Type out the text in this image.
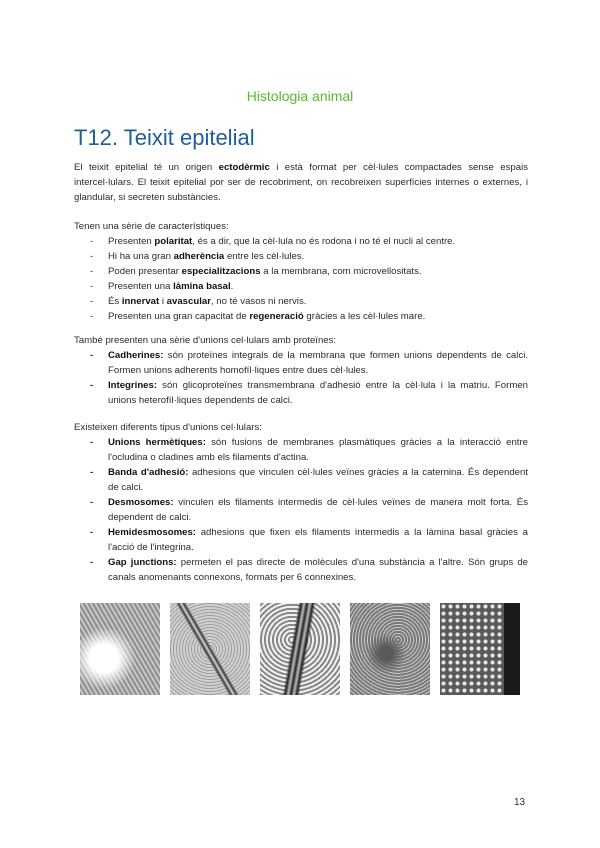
Histologia animal
T12. Teixit epitelial

El teixit epitelial té un origen ectodèrmic i està format per cèl·lules compactades sense espais intercel·lulars. El teixit epitelial por ser de recobriment, on recobreixen superfícies internes o externes, i glandular, si secreten substàncies.

Tenen una sèrie de característiques:

- Presenten polaritat, és a dir, que la cèl·lula no és rodona i no té el nucli al centre.
- Hi ha una gran adherència entre les cèl·lules.
- Poden presentar especialitzacions a la membrana, com microvellositats.
- Presenten una làmina basal.
- És innervat i avascular, no té vasos ni nervis.
- Presenten una gran capacitat de regeneració gràcies a les cèl·lules mare.

També presenten una sèrie d'unions cel·lulars amb proteïnes:

- Cadherines: són proteïnes integrals de la membrana que formen unions dependents de calci. Formen unions adherents homofíl·liques entre dues cèl·lules.
- Integrines: són glicoproteïnes transmembrana d'adhesió entre la cèl·lula i la matriu. Formen unions heterofíl·liques dependents de calci.

Existeixen diferents tipus d'unions cel·lulars:

- Unions hermètiques: són fusions de membranes plasmàtiques gràcies a la interacció entre l'ocludina o cladines amb els filaments d'actina.
- Banda d'adhesió: adhesions que vinculen cèl·lules veïnes gràcies a la caternina. És dependent de calci.
- Desmosomes: vinculen els filaments intermedis de cèl·lules veïnes de manera molt forta. És dependent de calci.
- Hemidesmosomes: adhesions que fixen els filaments intermedis a la làmina basal gràcies a l'acció de l'integrina.
- Gap junctions: permeten el pas directe de molècules d'una substància a l'altre. Són grups de canals anomenants connexons, formats per 6 connexines.
13
